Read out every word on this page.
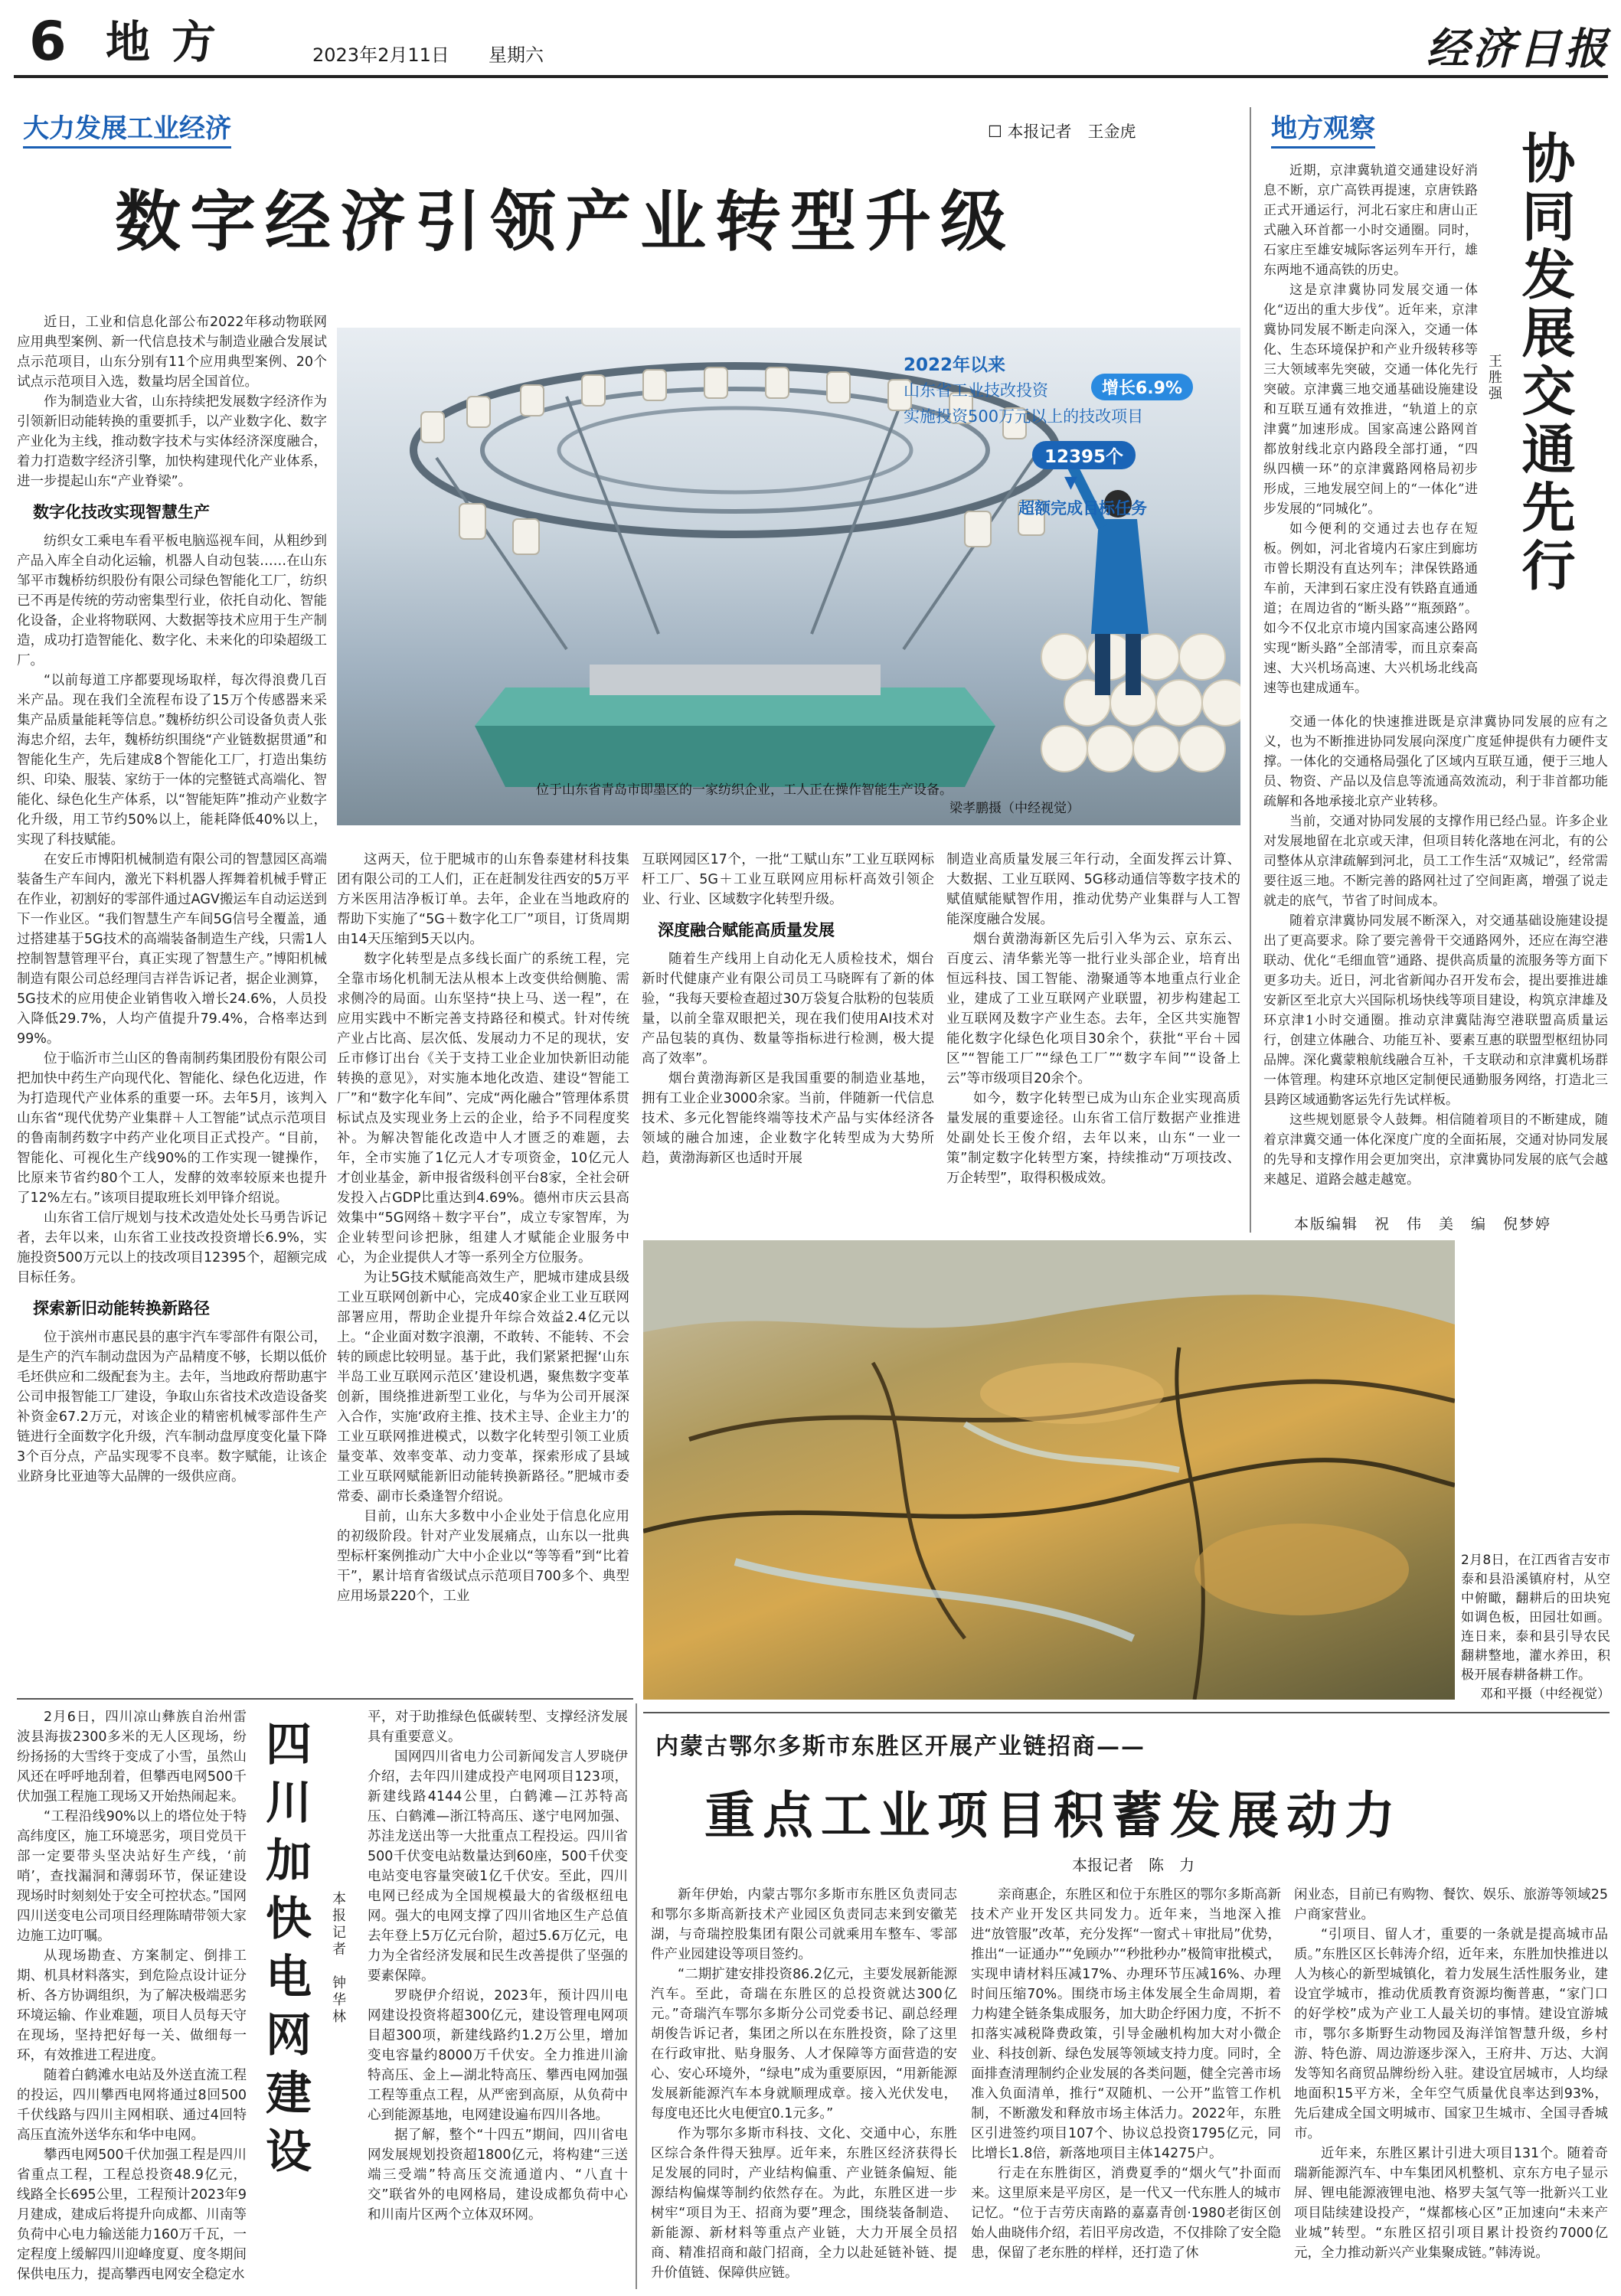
6 地方	2023年2月11日 星期六	经济日报
大力发展工业经济	☐ 本报记者　王金虎
数字经济引领产业转型升级

近日，工业和信息化部公布2022年移动物联网应用典型案例、新一代信息技术与制造业融合发展试点示范项目，山东分别有11个应用典型案例、20个试点示范项目入选，数量均居全国首位。

作为制造业大省，山东持续把发展数字经济作为引领新旧动能转换的重要抓手，以产业数字化、数字产业化为主线，推动数字技术与实体经济深度融合，着力打造数字经济引擎，加快构建现代化产业体系，进一步提起山东“产业脊梁”。

数字化技改实现智慧生产

纺织女工乘电车看平板电脑巡视车间，从粗纱到产品入库全自动化运输，机器人自动包装……在山东邹平市魏桥纺织股份有限公司绿色智能化工厂，纺织已不再是传统的劳动密集型行业，依托自动化、智能化设备，企业将物联网、大数据等技术应用于生产制造，成功打造智能化、数字化、未来化的印染超级工厂。

“以前每道工序都要现场取样，每次得浪费几百米产品。现在我们全流程布设了15万个传感器来采集产品质量能耗等信息。”魏桥纺织公司设备负责人张海忠介绍，去年，魏桥纺织围绕“产业链数据贯通”和智能化生产，先后建成8个智能化工厂，打造出集纺织、印染、服装、家纺于一体的完整链式高端化、智能化、绿色化生产体系，以“智能矩阵”推动产业数字化升级，用工节约50%以上，能耗降低40%以上，实现了科技赋能。

在安丘市博阳机械制造有限公司的智慧园区高端装备生产车间内，激光下料机器人挥舞着机械手臂正在作业，初割好的零部件通过AGV搬运车自动运送到下一作业区。“我们智慧生产车间5G信号全覆盖，通过搭建基于5G技术的高端装备制造生产线，只需1人控制智慧管理平台，真正实现了智慧生产。”博阳机械制造有限公司总经理闫吉祥告诉记者，据企业测算，5G技术的应用使企业销售收入增长24.6%，人员投入降低29.7%，人均产值提升79.4%，合格率达到99%。

位于临沂市兰山区的鲁南制药集团股份有限公司把加快中药生产向现代化、智能化、绿色化迈进，作为打造现代产业体系的重要一环。去年5月，该判入山东省“现代优势产业集群＋人工智能”试点示范项目的鲁南制药数字中药产业化项目正式投产。“目前，智能化、可视化生产线90%的工作实现一键操作，比原来节省约80个工人，发酵的效率较原来也提升了12%左右。”该项目提取班长刘甲锋介绍说。

山东省工信厅规划与技术改造处处长马勇告诉记者，去年以来，山东省工业技改投资增长6.9%，实施投资500万元以上的技改项目12395个，超额完成目标任务。

探索新旧动能转换新路径

位于滨州市惠民县的惠宇汽车零部件有限公司，是生产的汽车制动盘因为产品精度不够，长期以低价毛坯供应和二级配套为主。去年，当地政府帮助惠宇公司申报智能工厂建设，争取山东省技术改造设备奖补资金67.2万元，对该企业的精密机械零部件生产链进行全面数字化升级，汽车制动盘厚度变化量下降3个百分点，产品实现零不良率。数字赋能，让该企业跻身比亚迪等大品牌的一级供应商。

2022年以来
山东省工业技改投资	增长6.9%
实施投资500万元以上的技改项目
12395个
▼
超额完成目标任务
位于山东省青岛市即墨区的一家纺织企业，工人正在操作智能生产设备。
梁孝鹏摄（中经视觉）

这两天，位于肥城市的山东鲁泰建材科技集团有限公司的工人们，正在赶制发往西安的5万平方米医用洁净板订单。去年，企业在当地政府的帮助下实施了“5G＋数字化工厂”项目，订货周期由14天压缩到5天以内。

数字化转型是点多线长面广的系统工程，完全靠市场化机制无法从根本上改变供给侧脆、需求侧冷的局面。山东坚持“抉上马、送一程”，在应用实践中不断完善支持路径和模式。针对传统产业占比高、层次低、发展动力不足的现状，安丘市修订出台《关于支持工业企业加快新旧动能转换的意见》，对实施本地化改造、建设“智能工厂”和“数字化车间”、完成“两化融合”管理体系贯标试点及实现业务上云的企业，给予不同程度奖补。为解决智能化改造中人才匮乏的难题，去年，全市实施了1亿元人才专项资金，10亿元人才创业基金，新申报省级科创平台8家，全社会研发投入占GDP比重达到4.69%。德州市庆云县高效集中“5G网络＋数字平台”，成立专家智库，为企业转型问诊把脉，组建人才赋能企业服务中心，为企业提供人才等一系列全方位服务。

为让5G技术赋能高效生产，肥城市建成县级工业互联网创新中心，完成40家企业工业互联网部署应用，帮助企业提升年综合效益2.4亿元以上。“企业面对数字浪潮，不敢转、不能转、不会转的顾虑比较明显。基于此，我们紧紧把握‘山东半岛工业互联网示范区’建设机遇，聚焦数字变革创新，围绕推进新型工业化，与华为公司开展深入合作，实施‘政府主推、技术主导、企业主力’的工业互联网推进模式，以数字化转型引领工业质量变革、效率变革、动力变革，探索形成了县域工业互联网赋能新旧动能转换新路径。”肥城市委常委、副市长桑逢智介绍说。

目前，山东大多数中小企业处于信息化应用的初级阶段。针对产业发展痛点，山东以一批典型标杆案例推动广大中小企业以“等等看”到“比着干”，累计培育省级试点示范项目700多个、典型应用场景220个，工业

互联网园区17个，一批“工赋山东”工业互联网标杆工厂、5G＋工业互联网应用标杆高效引领企业、行业、区域数字化转型升级。

深度融合赋能高质量发展

随着生产线用上自动化无人质检技术，烟台新时代健康产业有限公司员工马晓晖有了新的体验，“我每天要检查超过30万袋复合肽粉的包装质量，以前全靠双眼把关，现在我们使用AI技术对产品包装的真伪、数量等指标进行检测，极大提高了效率”。

烟台黄渤海新区是我国重要的制造业基地，拥有工业企业3000余家。当前，伴随新一代信息技术、多元化智能终端等技术产品与实体经济各领域的融合加速，企业数字化转型成为大势所趋，黄渤海新区也适时开展

制造业高质量发展三年行动，全面发挥云计算、大数据、工业互联网、5G移动通信等数字技术的赋值赋能赋智作用，推动优势产业集群与人工智能深度融合发展。

烟台黄渤海新区先后引入华为云、京东云、百度云、清华紫光等一批行业头部企业，培育出恒远科技、国工智能、渤聚通等本地重点行业企业，建成了工业互联网产业联盟，初步构建起工业互联网及数字产业生态。去年，全区共实施智能化数字化绿色化项目30余个，获批“平台＋园区”“智能工厂”“绿色工厂”“数字车间”“设备上云”等市级项目20余个。

如今，数字化转型已成为山东企业实现高质量发展的重要途径。山东省工信厅数据产业推进处副处长王俊介绍，去年以来，山东“一业一策”制定数字化转型方案，持续推动“万项技改、万企转型”，取得积极成效。

地方观察
协同发展交通先行
王胜强

近期，京津冀轨道交通建设好消息不断，京广高铁再提速，京唐铁路正式开通运行，河北石家庄和唐山正式融入环首都一小时交通圈。同时，石家庄至雄安城际客运列车开行，雄东两地不通高铁的历史。

这是京津冀协同发展交通一体化“迈出的重大步伐”。近年来，京津冀协同发展不断走向深入，交通一体化、生态环境保护和产业升级转移等三大领域率先突破，交通一体化先行突破。京津冀三地交通基础设施建设和互联互通有效推进，“轨道上的京津冀”加速形成。国家高速公路网首都放射线北京内路段全部打通，“四纵四横一环”的京津冀路网格局初步形成，三地发展空间上的“一体化”进步发展的“同城化”。

如今便利的交通过去也存在短板。例如，河北省境内石家庄到廊坊市曾长期没有直达列车；津保铁路通车前，天津到石家庄没有铁路直通通道；在周边省的“断头路”“瓶颈路”。如今不仅北京市境内国家高速公路网实现“断头路”全部清零，而且京秦高速、大兴机场高速、大兴机场北线高速等也建成通车。

交通一体化的快速推进既是京津冀协同发展的应有之义，也为不断推进协同发展向深度广度延伸提供有力硬件支撑。一体化的交通格局强化了区域内互联互通，便于三地人员、物资、产品以及信息等流通高效流动，利于非首都功能疏解和各地承接北京产业转移。

当前，交通对协同发展的支撑作用已经凸显。许多企业对发展地留在北京或天津，但项目转化落地在河北，有的公司整体从京津疏解到河北，员工工作生活“双城记”，经常需要往返三地。不断完善的路网社过了空间距离，增强了说走就走的底气，节省了时间成本。

随着京津冀协同发展不断深入，对交通基础设施建设提出了更高要求。除了要完善骨干交通路网外，还应在海空港联动、优化“毛细血管”通路、提供高质量的流服务等方面下更多功夫。近日，河北省新闻办召开发布会，提出要推进雄安新区至北京大兴国际机场快线等项目建设，构筑京津雄及环京津1小时交通圈。推动京津冀陆海空港联盟高质量运行，创建立体融合、功能互补、要素互惠的联盟型枢纽协同品牌。深化冀蒙粮航线融合互补，千支联动和京津冀机场群一体管理。构建环京地区定制便民通勤服务网络，打造北三县跨区域通勤客运先行先试样板。

这些规划愿景令人鼓舞。相信随着项目的不断建成，随着京津冀交通一体化深度广度的全面拓展，交通对协同发展的先导和支撑作用会更加突出，京津冀协同发展的底气会越来越足、道路会越走越宽。

本版编辑　祝　伟　美　编　倪梦婷
2月8日，在江西省吉安市泰和县沿溪镇府村，从空中俯瞰，翻耕后的田块宛如调色板，田园壮如画。连日来，泰和县引导农民翻耕整地，灌水养田，积极开展春耕备耕工作。
邓和平摄（中经视觉）

2月6日，四川凉山彝族自治州雷波县海拔2300多米的无人区现场，纷纷扬扬的大雪终于变成了小雪，虽然山风还在呼呼地刮着，但攀西电网500千伏加强工程施工现场又开始热闹起来。

“工程沿线90%以上的塔位处于特高纬度区，施工环境恶劣，项目党员干部一定要带头坚决站好生产线，‘前哨’，查找漏洞和薄弱环节，保证建设现场时时刻刻处于安全可控状态。”国网四川送变电公司项目经理陈晴带领大家边施工边叮嘱。

从现场勘查、方案制定、倒排工期、机具材料落实，到危险点设计证分析、各方协调组织，为了解决极端恶劣环境运输、作业难题，项目人员每天守在现场，坚持把好每一关、做细每一环，有效推进工程进度。

随着白鹤滩水电站及外送直流工程的投运，四川攀西电网将通过8回500千伏线路与四川主网相联、通过4回特高压直流外送华东和华中电网。

攀西电网500千伏加强工程是四川省重点工程，工程总投资48.9亿元，线路全长695公里，工程预计2023年9月建成，建成后将提升向成都、川南等负荷中心电力输送能力160万千瓦，一定程度上缓解四川迎峰度夏、度冬期间保供电压力，提高攀西电网安全稳定水

四川加快电网建设 本报记者　钟华林

平，对于助推绿色低碳转型、支撑经济发展具有重要意义。

国网四川省电力公司新闻发言人罗晓伊介绍，去年四川建成投产电网项目123项，新建线路4144公里，白鹤滩—江苏特高压、白鹤滩—浙江特高压、遂宁电网加强、苏洼龙送出等一大批重点工程投运。四川省500千伏变电站数量达到60座，500千伏变电站变电容量突破1亿千伏安。至此，四川电网已经成为全国规模最大的省级枢纽电网。强大的电网支撑了四川省地区生产总值去年登上5万亿元台阶，超过5.6万亿元，电力为全省经济发展和民生改善提供了坚强的要素保障。

罗晓伊介绍说，2023年，预计四川电网建设投资将超300亿元，建设管理电网项目超300项，新建线路约1.2万公里，增加变电容量约8000万千伏安。全力推进川渝特高压、金上—湖北特高压、攀西电网加强工程等重点工程，从严密到高原，从负荷中心到能源基地，电网建设遍布四川各地。

据了解，整个“十四五”期间，四川省电网发展规划投资超1800亿元，将构建“三送端三受端”特高压交流通道内、“八直十交”联省外的电网格局，建设成都负荷中心和川南片区两个立体双环网。

内蒙古鄂尔多斯市东胜区开展产业链招商——
重点工业项目积蓄发展动力
本报记者　陈　力

新年伊始，内蒙古鄂尔多斯市东胜区负责同志和鄂尔多斯高新技术产业园区负责同志来到安徽芜湖，与奇瑞控股集团有限公司就乘用车整车、零部件产业园建设等项目签约。

“二期扩建安排投资86.2亿元，主要发展新能源汽车。至此，奇瑞在东胜区的总投资就达300亿元。”奇瑞汽车鄂尔多斯分公司党委书记、副总经理胡俊告诉记者，集团之所以在东胜投资，除了这里在行政审批、贴身服务、人才保障等方面营造的安心、安心环境外，“绿电”成为重要原因，“用新能源发展新能源汽车本身就顺理成章。接入光伏发电，每度电还比火电便宜0.1元多。”

作为鄂尔多斯市科技、文化、交通中心，东胜区综合条件得天独厚。近年来，东胜区经济获得长足发展的同时，产业结构偏重、产业链条偏短、能源结构偏煤等制约依然存在。为此，东胜区进一步树牢“项目为王、招商为要”理念，围绕装备制造、新能源、新材料等重点产业链，大力开展全员招商、精准招商和敲门招商，全力以赴延链补链、提升价值链、保障供应链。

亲商惠企，东胜区和位于东胜区的鄂尔多斯高新技术产业开发区共同发力。近年来，当地深入推进“放管服”改革，充分发挥“一窗式＋审批局”优势，推出“一证通办”“免顾办”“秒批秒办”极简审批模式，实现申请材料压减17%、办理环节压减16%、办理时间压缩70%。围绕市场主体发展全生命周期，着力构建全链条集成服务，加大助企纾困力度，不折不扣落实减税降费政策，引导金融机构加大对小微企业、科技创新、绿色发展等领域支持力度。同时，全面排查清理制约企业发展的各类问题，健全完善市场准入负面清单，推行“双随机、一公开”监管工作机制，不断激发和释放市场主体活力。2022年，东胜区引进签约项目107个、协议总投资1795亿元，同比增长1.8倍，新落地项目主体14275户。

行走在东胜街区，消费夏季的“烟火气”扑面而来。这里原来是平房区，是一代又一代东胜人的城市记忆。“位于吉劳庆南路的嘉嘉青创·1980老街区创始人曲晓伟介绍，若旧平房改造，不仅排除了安全隐患，保留了老东胜的样样，还打造了休

闲业态，目前已有购物、餐饮、娱乐、旅游等领域25户商家营业。

“引项目、留人才，重要的一条就是提高城市品质。”东胜区区长韩涛介绍，近年来，东胜加快推进以人为核心的新型城镇化，着力发展生活性服务业，建设宜学城市，推动优质教育资源均衡普惠，“家门口的好学校”成为产业工人最关切的事情。建设宜游城市，鄂尔多斯野生动物园及海洋馆智慧升级，乡村游、特色游、周边游逐步深入，王府井、万达、大润发等知名商贸品牌纷纷入驻。建设宜居城市，人均绿地面积15平方米，全年空气质量优良率达到93%，先后建成全国文明城市、国家卫生城市、全国寻香城市。

近年来，东胜区累计引进大项目131个。随着奇瑞新能源汽车、中车集团风机整机、京东方电子显示屏、锂电能源液锂电池、格罗夫氢气等一批新兴工业项目陆续建设投产，“煤都核心区”正加速向“未来产业城”转型。“东胜区招引项目累计投资约7000亿元，全力推动新兴产业集聚成链。”韩涛说。
